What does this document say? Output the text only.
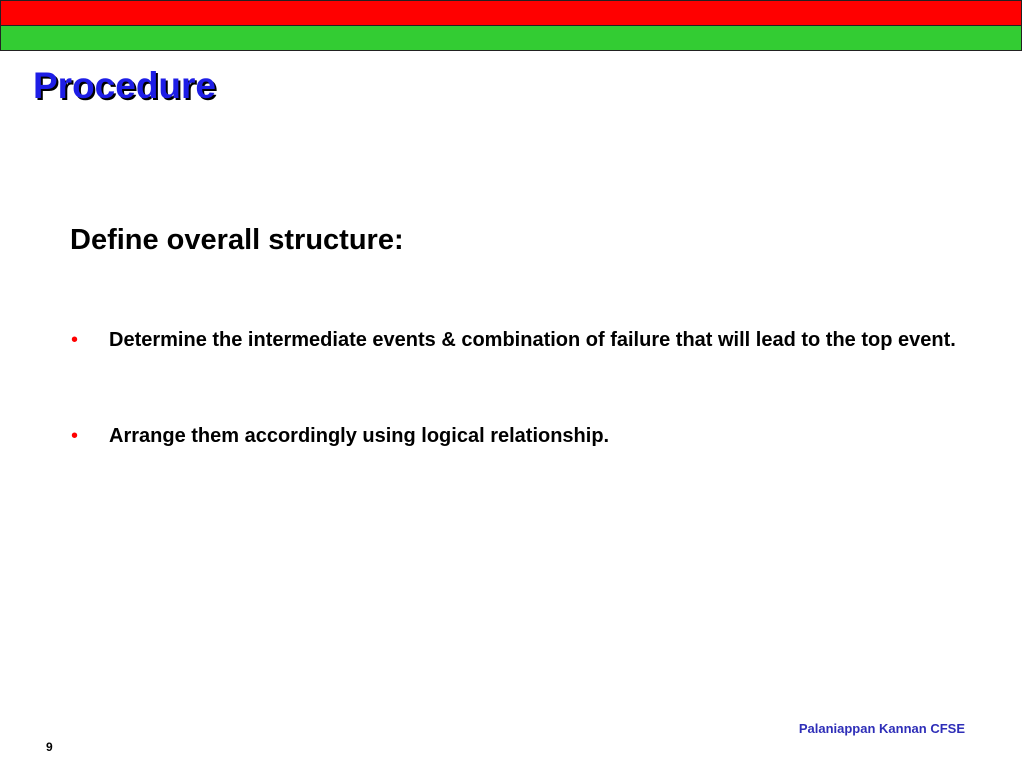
Procedure
Define overall structure:
• Determine the intermediate events & combination of failure that will lead to the top event.
• Arrange them accordingly using logical relationship.
Palaniappan Kannan CFSE
9
